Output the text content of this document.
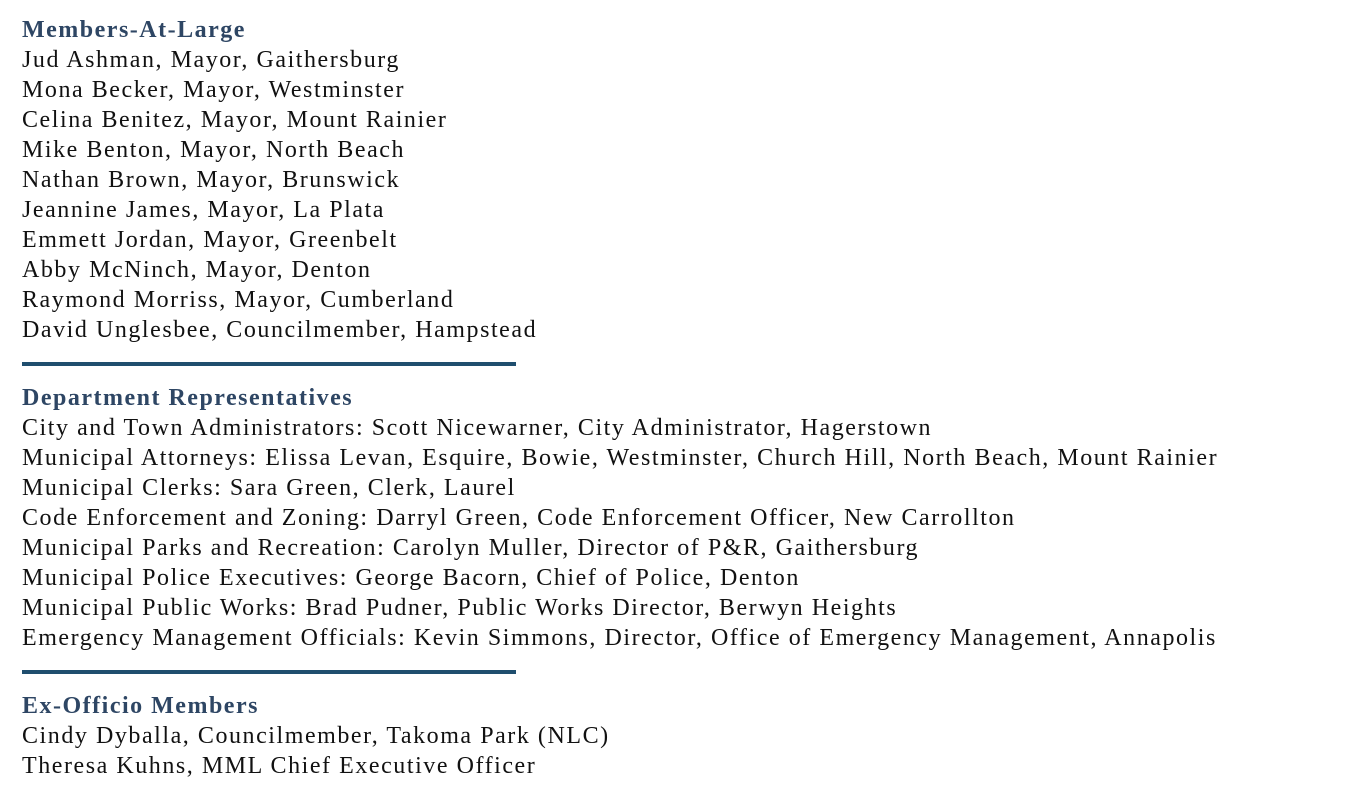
Members-At-Large
Jud Ashman, Mayor, Gaithersburg
Mona Becker, Mayor, Westminster
Celina Benitez, Mayor, Mount Rainier
Mike Benton, Mayor, North Beach
Nathan Brown, Mayor, Brunswick
Jeannine James, Mayor, La Plata
Emmett Jordan, Mayor, Greenbelt
Abby McNinch, Mayor, Denton
Raymond Morriss, Mayor, Cumberland
David Unglesbee, Councilmember, Hampstead
Department Representatives
City and Town Administrators: Scott Nicewarner, City Administrator, Hagerstown
Municipal Attorneys: Elissa Levan, Esquire, Bowie, Westminster, Church Hill, North Beach, Mount Rainier
Municipal Clerks: Sara Green, Clerk, Laurel
Code Enforcement and Zoning: Darryl Green, Code Enforcement Officer, New Carrollton
Municipal Parks and Recreation: Carolyn Muller, Director of P&R, Gaithersburg
Municipal Police Executives: George Bacorn, Chief of Police, Denton
Municipal Public Works: Brad Pudner, Public Works Director, Berwyn Heights
Emergency Management Officials: Kevin Simmons, Director, Office of Emergency Management, Annapolis
Ex-Officio Members
Cindy Dyballa, Councilmember, Takoma Park (NLC)
Theresa Kuhns, MML Chief Executive Officer
